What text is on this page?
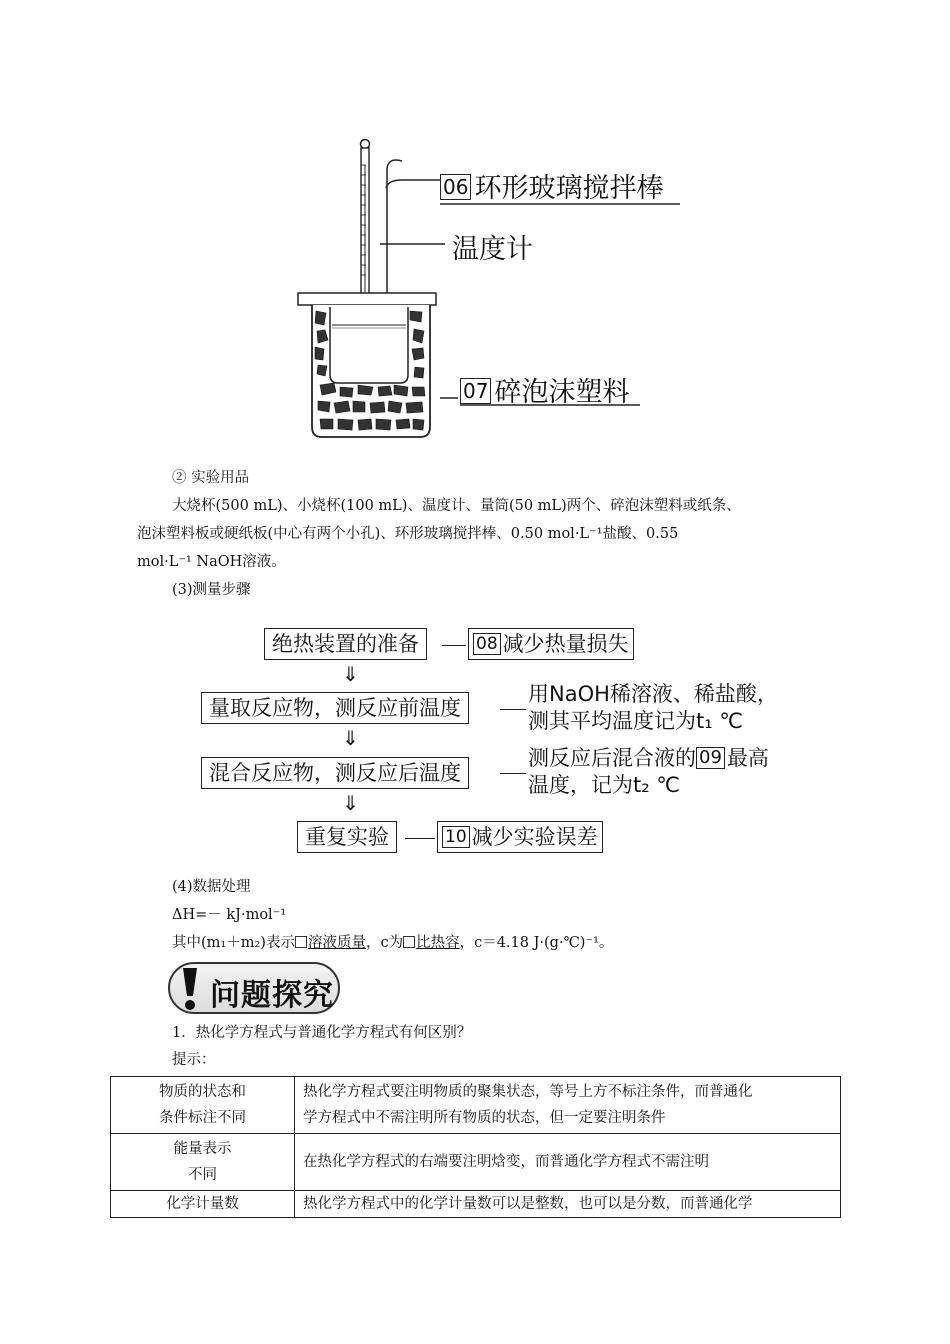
06 环形玻璃搅拌棒
温度计
07 碎泡沫塑料
② 实验用品
大烧杯(500 mL)、小烧杯(100 mL)、温度计、量筒(50 mL)两个、碎泡沫塑料或纸条、
泡沫塑料板或硬纸板(中心有两个小孔)、环形玻璃搅拌棒、0.50 mol·L⁻¹盐酸、0.55
mol·L⁻¹ NaOH溶液。
(3)测量步骤
绝热装置的准备	08 减少热量损失
⇓
量取反应物，测反应前温度
用NaOH稀溶液、稀盐酸，
测其平均温度记为t₁ ℃
⇓
混合反应物，测反应后温度
测反应后混合液的 09 最高
温度，记为t₂ ℃
⇓
重复实验	10 减少实验误差
(4)数据处理
ΔH=－ kJ·mol⁻¹
其中(m₁＋m₂)表示 溶液质量，c为 比热容，c＝4.18 J·(g·℃)⁻¹。
问题探究
1．热化学方程式与普通化学方程式有何区别？
提示：
物质的状态和
条件标注不同	热化学方程式要注明物质的聚集状态，等号上方不标注条件，而普通化
学方程式中不需注明所有物质的状态，但一定要注明条件
能量表示
不同	在热化学方程式的右端要注明焓变，而普通化学方程式不需注明
化学计量数	热化学方程式中的化学计量数可以是整数，也可以是分数，而普通化学
